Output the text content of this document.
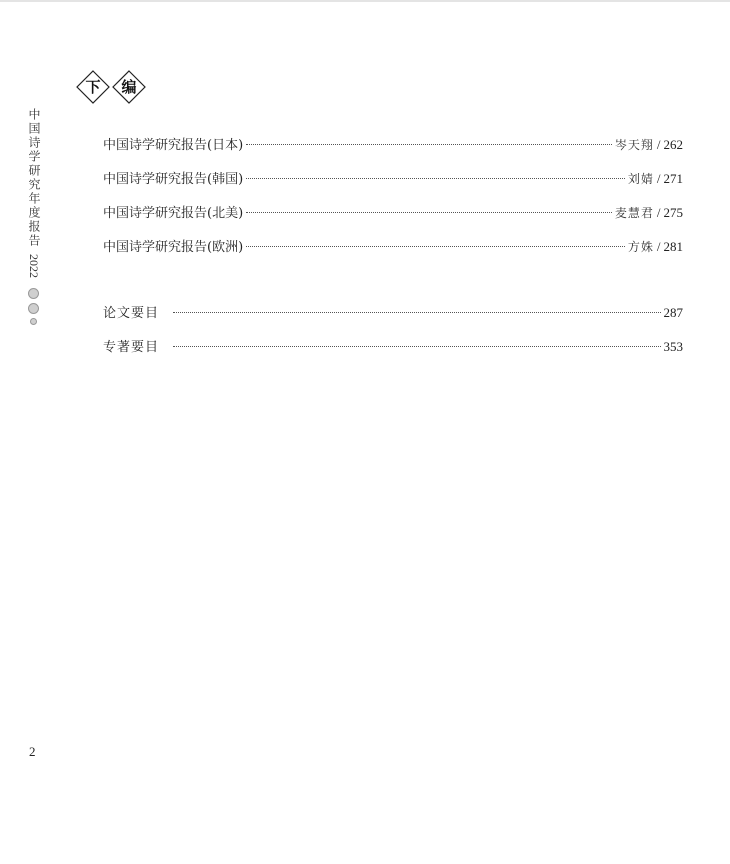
下	编
中国诗学研究年度报告
2022
中国诗学研究报告(日本)	岑天翔 / 262
中国诗学研究报告(韩国)	刘婧 / 271
中国诗学研究报告(北美)	麦慧君 / 275
中国诗学研究报告(欧洲)	方姝 / 281
论文要目	287
专著要目	353
2
